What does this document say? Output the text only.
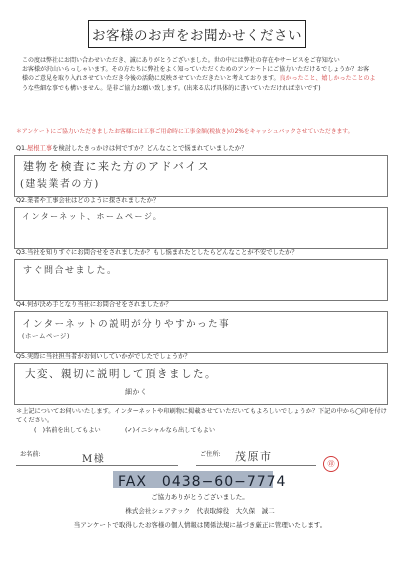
お客様のお声をお聞かせください
この度は弊社にお問い合わせいただき、誠にありがとうございました。世の中には弊社の存在やサービスをご存知ない
お客様が沢山いらっしゃいます。その方たちに弊社をよく知っていただくためのアンケートにご協力いただけるでしょうか？お客
様のご意見を取り入れさせていただき今後の活動に反映させていただきたいと考えております。良かったこと、嬉しかったことのよ
うな些細な事でも構いません。是非ご協力お願い致します。(出来る広げ具体的に書いていただければ幸いです)
＊アンケートにご協力いただきましたお客様には工事ご用命時に工事金額(税抜き)の2%をキャッシュバックさせていただきます。
Q1.屋根工事を検討したきっかけは何ですか？どんなことで悩まれていましたか？
建物を検査に来た方のアドバイス
(建装業者の方)
Q2.業者や工事会社はどのように探されましたか？
インターネット、ホームページ。
Q3.当社を知りすぐにお問合せをされましたか？もし悩まれたとしたらどんなことが不安でしたか？
すぐ問合せました。
Q4.何が決め手となり当社にお問合せをされましたか？
インターネットの説明が分りやすかった事
(ホームページ)
Q5.実際に当社担当者がお伺いしていかがでしたでしょうか？
大変、親切に説明して頂きました。
細かく
＊上記についてお伺いいたします。インターネットや印刷物に掲載させていただいてもよろしいでしょうか？下記の中から◯印を付けてください。
(　)名前を出してもよい	(✓)イニシャルなら出してもよい
お名前:	M様	ご住所: 茂原市
㊞
FAX　0438−60−7774
ご協力ありがとうございました。
株式会社シェアテック　代表取締役　大久保　誠二
当アンケートで取得したお客様の個人情報は関係法規に基づき厳正に管理いたします。
